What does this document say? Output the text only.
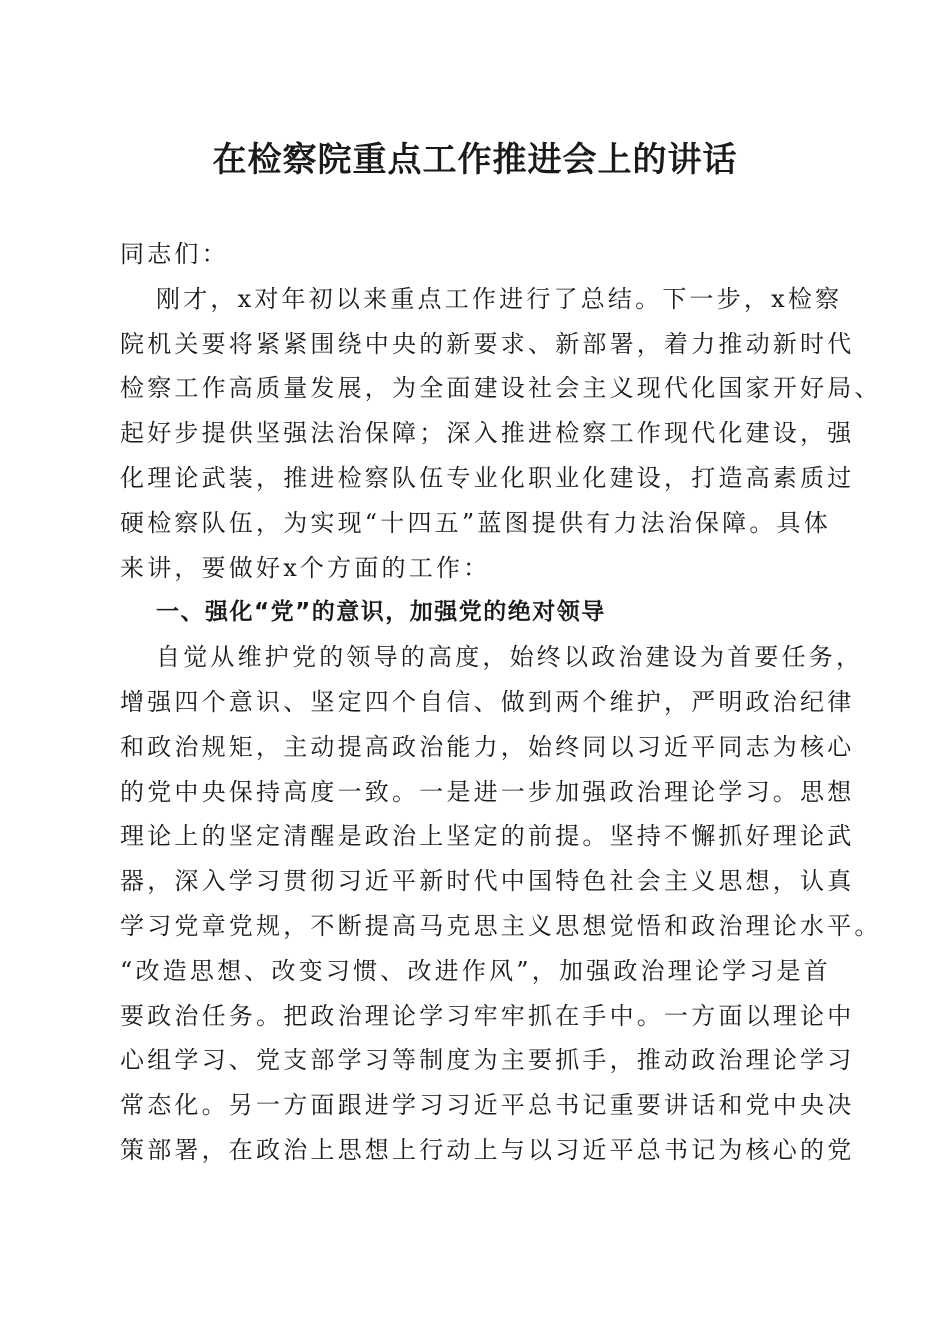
在检察院重点工作推进会上的讲话
同志们：
刚才，x对年初以来重点工作进行了总结。下一步，x检察
院机关要将紧紧围绕中央的新要求、新部署，着力推动新时代
检察工作高质量发展，为全面建设社会主义现代化国家开好局、
起好步提供坚强法治保障；深入推进检察工作现代化建设，强
化理论武装，推进检察队伍专业化职业化建设，打造高素质过
硬检察队伍，为实现“十四五”蓝图提供有力法治保障。具体
来讲，要做好x个方面的工作：
一、强化“党”的意识，加强党的绝对领导
自觉从维护党的领导的高度，始终以政治建设为首要任务，
增强四个意识、坚定四个自信、做到两个维护，严明政治纪律
和政治规矩，主动提高政治能力，始终同以习近平同志为核心
的党中央保持高度一致。一是进一步加强政治理论学习。思想
理论上的坚定清醒是政治上坚定的前提。坚持不懈抓好理论武
器，深入学习贯彻习近平新时代中国特色社会主义思想，认真
学习党章党规，不断提高马克思主义思想觉悟和政治理论水平。
“改造思想、改变习惯、改进作风”，加强政治理论学习是首
要政治任务。把政治理论学习牢牢抓在手中。一方面以理论中
心组学习、党支部学习等制度为主要抓手，推动政治理论学习
常态化。另一方面跟进学习习近平总书记重要讲话和党中央决
策部署，在政治上思想上行动上与以习近平总书记为核心的党
